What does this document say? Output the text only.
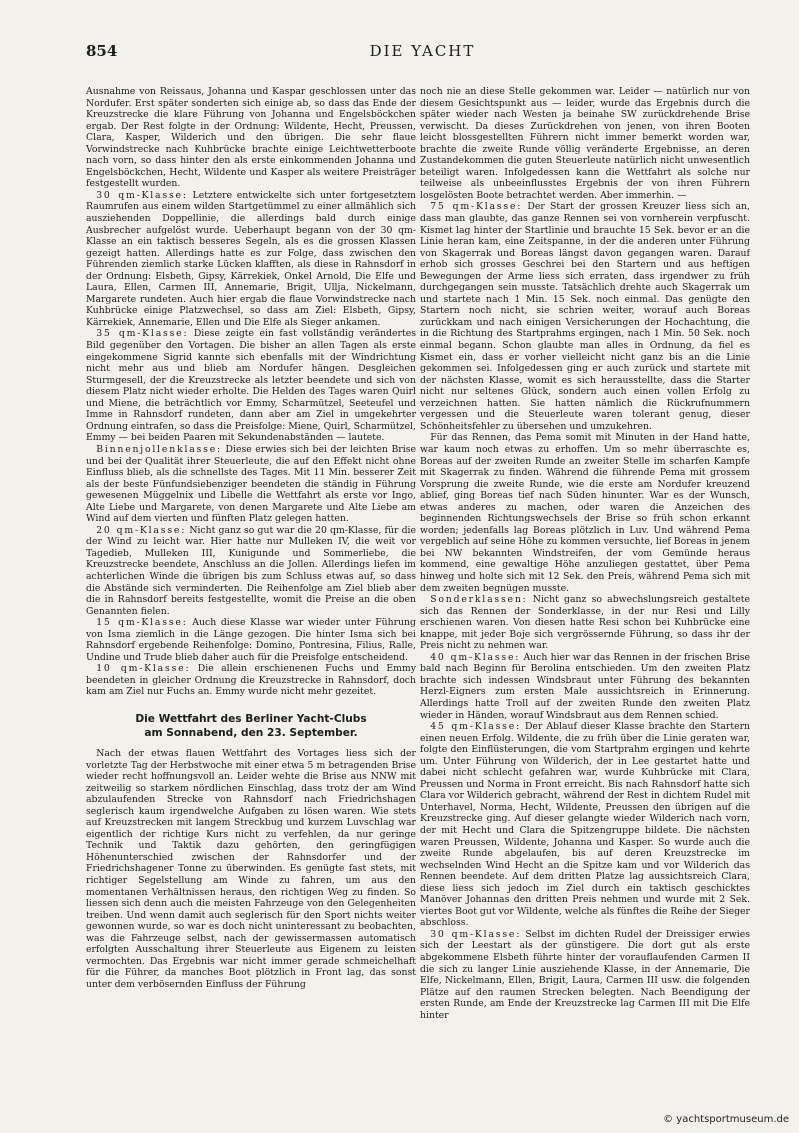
854	DIE YACHT

Ausnahme von Reissaus, Johanna und Kaspar geschlossen unter das Nordufer. Erst später sonderten sich einige ab, so dass das Ende der Kreuzstrecke die klare Führung von Johanna und Engelsböckchen ergab. Der Rest folgte in der Ordnung: Wildente, Hecht, Preussen, Clara, Kasper, Wilderich und den übrigen. Die sehr flaue Vorwindstrecke nach Kuhbrücke brachte einige Leichtwetterboote nach vorn, so dass hinter den als erste einkommenden Johanna und Engelsböckchen, Hecht, Wildente und Kasper als weitere Preisträger festgestellt wurden.

30 qm-Klasse: Letztere entwickelte sich unter fortgesetztem Raumrufen aus einem wilden Startgetümmel zu einer allmählich sich ausziehenden Doppellinie, die allerdings bald durch einige Ausbrecher aufgelöst wurde. Ueberhaupt begann von der 30 qm-Klasse an ein taktisch besseres Segeln, als es die grossen Klassen gezeigt hatten. Allerdings hatte es zur Folge, dass zwischen den Führenden ziemlich starke Lücken klafften, als diese in Rahnsdorf in der Ordnung: Elsbeth, Gipsy, Kärrekiek, Onkel Arnold, Die Elfe und Laura, Ellen, Carmen III, Annemarie, Brigit, Ullja, Nickelmann, Margarete rundeten. Auch hier ergab die flaue Vorwindstrecke nach Kuhbrücke einige Platzwechsel, so dass am Ziel: Elsbeth, Gipsy, Kärrekiek, Annemarie, Ellen und Die Elfe als Sieger ankamen.

35 qm-Klasse: Diese zeigte ein fast vollständig verändertes Bild gegenüber den Vortagen. Die bisher an allen Tagen als erste eingekommene Sigrid kannte sich ebenfalls mit der Windrichtung nicht mehr aus und blieb am Nordufer hängen. Desgleichen Sturmgesell, der die Kreuzstrecke als letzter beendete und sich von diesem Platz nicht wieder erholte. Die Helden des Tages waren Quirl und Miene, die beträchtlich vor Emmy, Scharmützel, Seeteufel und Imme in Rahnsdorf rundeten, dann aber am Ziel in umgekehrter Ordnung eintrafen, so dass die Preisfolge: Miene, Quirl, Scharmützel, Emmy — bei beiden Paaren mit Sekundenabständen — lautete.

Binnenjollenklasse: Diese erwies sich bei der leichten Brise und bei der Qualität ihrer Steuerleute, die auf den Effekt nicht ohne Einfluss blieb, als die schnellste des Tages. Mit 11 Min. besserer Zeit als der beste Fünfundsiebenziger beendeten die ständig in Führung gewesenen Müggelnix und Libelle die Wettfahrt als erste vor Ingo, Alte Liebe und Margarete, von denen Margarete und Alte Liebe am Wind auf dem vierten und fünften Platz gelegen hatten.

20 qm-Klasse: Nicht ganz so gut war die 20 qm-Klasse, für die der Wind zu leicht war. Hier hatte nur Mulleken IV, die weit vor Tagedieb, Mulleken III, Kunigunde und Sommerliebe, die Kreuzstrecke beendete, Anschluss an die Jollen. Allerdings liefen im achterlichen Winde die übrigen bis zum Schluss etwas auf, so dass die Abstände sich verminderten. Die Reihenfolge am Ziel blieb aber die in Rahnsdorf bereits festgestellte, womit die Preise an die oben Genannten fielen.

15 qm-Klasse: Auch diese Klasse war wieder unter Führung von Isma ziemlich in die Länge gezogen. Die hinter Isma sich bei Rahnsdorf ergebende Reihenfolge: Domino, Pontresina, Filius, Ralle, Undine und Trude blieb daher auch für die Preisfolge entscheidend.

10 qm-Klasse: Die allein erschienenen Fuchs und Emmy beendeten in gleicher Ordnung die Kreuzstrecke in Rahnsdorf, doch kam am Ziel nur Fuchs an. Emmy wurde nicht mehr gezeitet.

Die Wettfahrt des Berliner Yacht-Clubs
am Sonnabend, den 23. September.

Nach der etwas flauen Wettfahrt des Vortages liess sich der vorletzte Tag der Herbstwoche mit einer etwa 5 m betragenden Brise wieder recht hoffnungsvoll an. Leider wehte die Brise aus NNW mit zeitweilig so starkem nördlichen Einschlag, dass trotz der am Wind abzulaufenden Strecke von Rahnsdorf nach Friedrichshagen seglerisch kaum irgendwelche Aufgaben zu lösen waren. Wie stets auf Kreuzstrecken mit langem Streckbug und kurzem Luvschlag war eigentlich der richtige Kurs nicht zu verfehlen, da nur geringe Technik und Taktik dazu gehörten, den geringfügigen Höhenunterschied zwischen der Rahnsdorfer und der Friedrichshagener Tonne zu überwinden. Es genügte fast stets, mit richtiger Segelstellung am Winde zu fahren, um aus den momentanen Verhältnissen heraus, den richtigen Weg zu finden. So liessen sich denn auch die meisten Fahrzeuge von den Gelegenheiten treiben. Und wenn damit auch seglerisch für den Sport nichts weiter gewonnen wurde, so war es doch nicht uninteressant zu beobachten, was die Fahrzeuge selbst, nach der gewissermassen automatisch erfolgten Ausschaltung ihrer Steuerleute aus Eigenem zu leisten vermochten. Das Ergebnis war nicht immer gerade schmeichelhaft für die Führer, da manches Boot plötzlich in Front lag, das sonst unter dem verbösernden Einfluss der Führung

noch nie an diese Stelle gekommen war. Leider — natürlich nur von diesem Gesichtspunkt aus — leider, wurde das Ergebnis durch die später wieder nach Westen ja beinahe SW zurückdrehende Brise verwischt. Da dieses Zurückdrehen von jenen, von ihren Booten leicht blossgestellten Führern nicht immer bemerkt worden war, brachte die zweite Runde völlig veränderte Ergebnisse, an deren Zustandekommen die guten Steuerleute natürlich nicht unwesentlich beteiligt waren. Infolgedessen kann die Wettfahrt als solche nur teilweise als unbeeinflusstes Ergebnis der von ihren Führern losgelösten Boote betrachtet werden. Aber immerhin. —

75 qm-Klasse: Der Start der grossen Kreuzer liess sich an, dass man glaubte, das ganze Rennen sei von vornherein verpfuscht. Kismet lag hinter der Startlinie und brauchte 15 Sek. bevor er an die Linie heran kam, eine Zeitspanne, in der die anderen unter Führung von Skagerrak und Boreas längst davon gegangen waren. Darauf erhob sich grosses Geschrei bei den Startern und aus heftigen Bewegungen der Arme liess sich erraten, dass irgendwer zu früh durchgegangen sein musste. Tatsächlich drehte auch Skagerrak um und startete nach 1 Min. 15 Sek. noch einmal. Das genügte den Startern noch nicht, sie schrien weiter, worauf auch Boreas zurückkam und nach einigen Versicherungen der Hochachtung, die in die Richtung des Startprahms ergingen, nach 1 Min. 50 Sek. noch einmal begann. Schon glaubte man alles in Ordnung, da fiel es Kismet ein, dass er vorher vielleicht nicht ganz bis an die Linie gekommen sei. Infolgedessen ging er auch zurück und startete mit der nächsten Klasse, womit es sich herausstellte, dass die Starter nicht nur seltenes Glück, sondern auch einen vollen Erfolg zu verzeichnen hatten. Sie hatten nämlich die Rückrufnummern vergessen und die Steuerleute waren tolerant genug, dieser Schönheitsfehler zu übersehen und umzukehren.

Für das Rennen, das Pema somit mit Minuten in der Hand hatte, war kaum noch etwas zu erhoffen. Um so mehr überraschte es, Boreas auf der zweiten Runde an zweiter Stelle im scharfen Kampfe mit Skagerrak zu finden. Während die führende Pema mit grossem Vorsprung die zweite Runde, wie die erste am Nordufer kreuzend ablief, ging Boreas tief nach Süden hinunter. War es der Wunsch, etwas anderes zu machen, oder waren die Anzeichen des beginnenden Richtungswechsels der Brise so früh schon erkannt worden; jedenfalls lag Boreas plötzlich in Luv. Und während Pema vergeblich auf seine Höhe zu kommen versuchte, lief Boreas in jenem bei NW bekannten Windstreifen, der vom Gemünde heraus kommend, eine gewaltige Höhe anzuliegen gestattet, über Pema hinweg und holte sich mit 12 Sek. den Preis, während Pema sich mit dem zweiten begnügen musste.

Sonderklassen: Nicht ganz so abwechslungsreich gestaltete sich das Rennen der Sonderklasse, in der nur Resi und Lilly erschienen waren. Von diesen hatte Resi schon bei Kuhbrücke eine knappe, mit jeder Boje sich vergrössernde Führung, so dass ihr der Preis nicht zu nehmen war.

40 qm-Klasse: Auch hier war das Rennen in der frischen Brise bald nach Beginn für Berolina entschieden. Um den zweiten Platz brachte sich indessen Windsbraut unter Führung des bekannten Herzl-Eigners zum ersten Male aussichtsreich in Erinnerung. Allerdings hatte Troll auf der zweiten Runde den zweiten Platz wieder in Händen, worauf Windsbraut aus dem Rennen schied.

45 qm-Klasse: Der Ablauf dieser Klasse brachte den Startern einen neuen Erfolg. Wildente, die zu früh über die Linie geraten war, folgte den Einflüsterungen, die vom Startprahm ergingen und kehrte um. Unter Führung von Wilderich, der in Lee gestartet hatte und dabei nicht schlecht gefahren war, wurde Kuhbrücke mit Clara, Preussen und Norma in Front erreicht. Bis nach Rahnsdorf hatte sich Clara vor Wilderich gebracht, während der Rest in dichtem Rudel mit Unterhavel, Norma, Hecht, Wildente, Preussen den übrigen auf die Kreuzstrecke ging. Auf dieser gelangte wieder Wilderich nach vorn, der mit Hecht und Clara die Spitzengruppe bildete. Die nächsten waren Preussen, Wildente, Johanna und Kasper. So wurde auch die zweite Runde abgelaufen, bis auf deren Kreuzstrecke im wechselnden Wind Hecht an die Spitze kam und vor Wilderich das Rennen beendete. Auf dem dritten Platze lag aussichtsreich Clara, diese liess sich jedoch im Ziel durch ein taktisch geschicktes Manöver Johannas den dritten Preis nehmen und wurde mit 2 Sek. viertes Boot gut vor Wildente, welche als fünftes die Reihe der Sieger abschloss.

30 qm-Klasse: Selbst im dichten Rudel der Dreissiger erwies sich der Leestart als der günstigere. Die dort gut als erste abgekommene Elsbeth führte hinter der vorauflaufenden Carmen II die sich zu langer Linie ausziehende Klasse, in der Annemarie, Die Elfe, Nickelmann, Ellen, Brigit, Laura, Carmen III usw. die folgenden Plätze auf den raumen Strecken belegten. Nach Beendigung der ersten Runde, am Ende der Kreuzstrecke lag Carmen III mit Die Elfe hinter

© yachtsportmuseum.de
